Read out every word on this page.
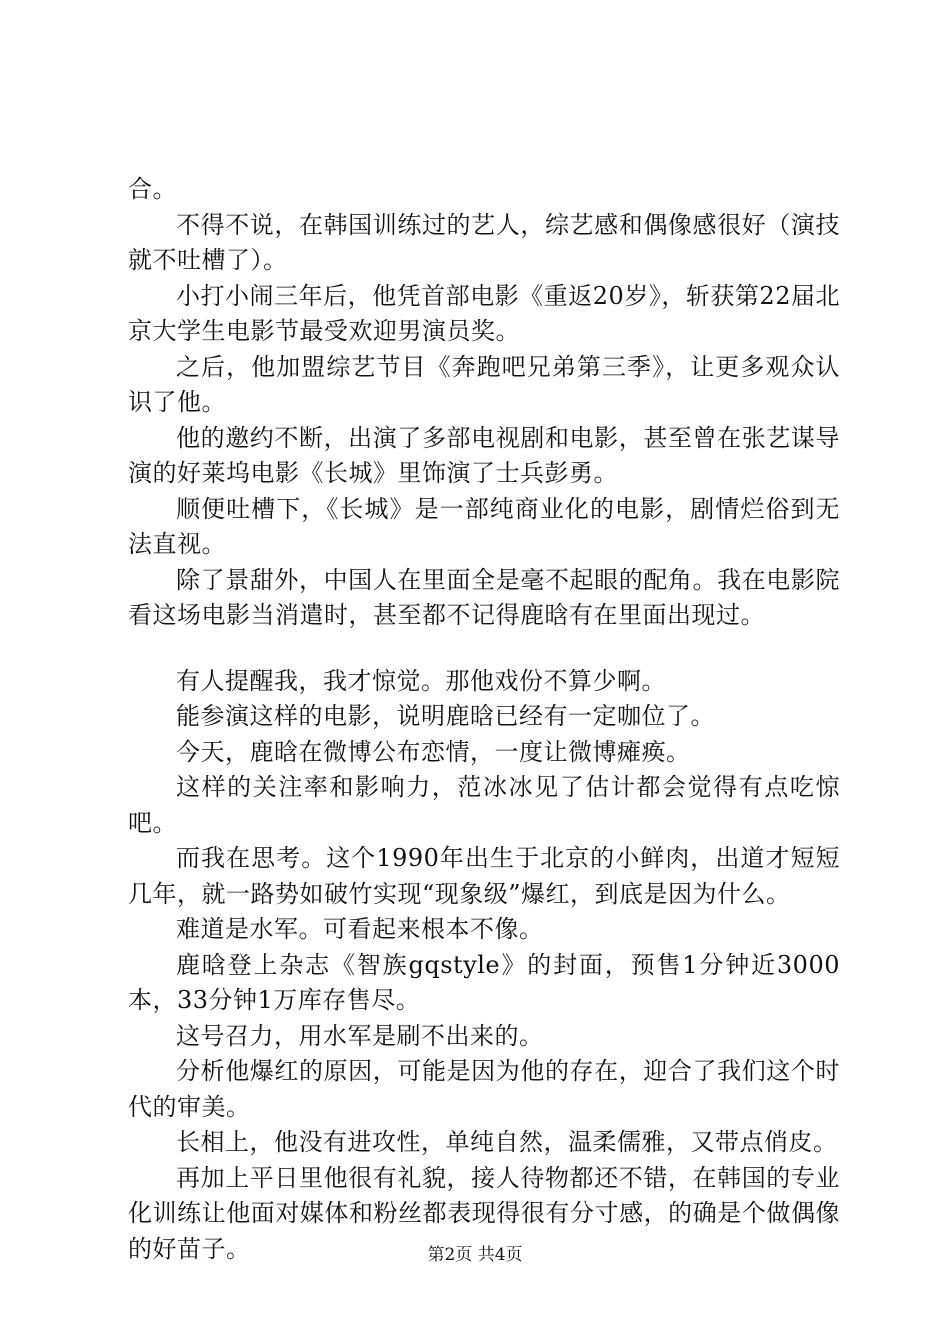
合。

不得不说，在韩国训练过的艺人，综艺感和偶像感很好（演技就不吐槽了）。

小打小闹三年后，他凭首部电影《重返20岁》，斩获第22届北京大学生电影节最受欢迎男演员奖。

之后，他加盟综艺节目《奔跑吧兄弟第三季》，让更多观众认识了他。

他的邀约不断，出演了多部电视剧和电影，甚至曾在张艺谋导演的好莱坞电影《长城》里饰演了士兵彭勇。

顺便吐槽下，《长城》是一部纯商业化的电影，剧情烂俗到无法直视。

除了景甜外，中国人在里面全是毫不起眼的配角。我在电影院看这场电影当消遣时，甚至都不记得鹿晗有在里面出现过。

有人提醒我，我才惊觉。那他戏份不算少啊。

能参演这样的电影，说明鹿晗已经有一定咖位了。

今天，鹿晗在微博公布恋情，一度让微博瘫痪。

这样的关注率和影响力，范冰冰见了估计都会觉得有点吃惊吧。

而我在思考。这个1990年出生于北京的小鲜肉，出道才短短几年，就一路势如破竹实现“现象级”爆红，到底是因为什么。

难道是水军。可看起来根本不像。

鹿晗登上杂志《智族gqstyle》的封面，预售1分钟近3000本，33分钟1万库存售尽。

这号召力，用水军是刷不出来的。

分析他爆红的原因，可能是因为他的存在，迎合了我们这个时代的审美。

长相上，他没有进攻性，单纯自然，温柔儒雅，又带点俏皮。

再加上平日里他很有礼貌，接人待物都还不错，在韩国的专业化训练让他面对媒体和粉丝都表现得很有分寸感，的确是个做偶像的好苗子。	第2页 共4页
